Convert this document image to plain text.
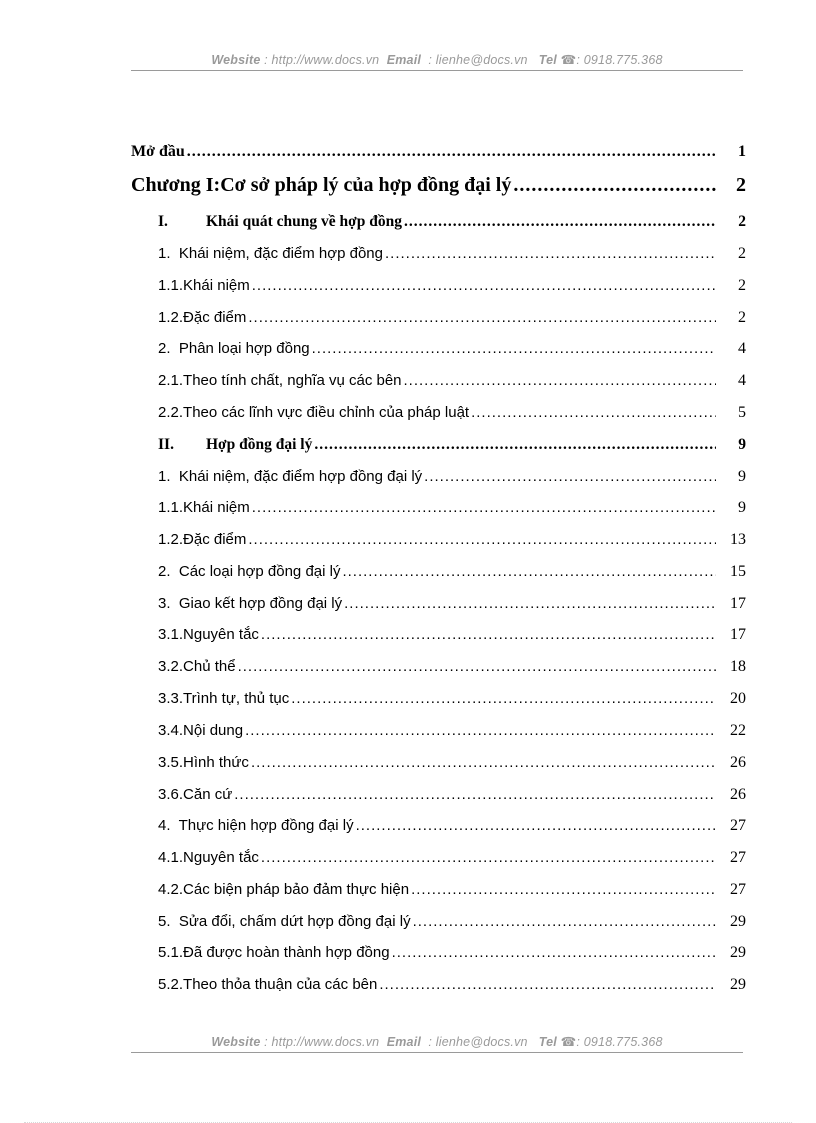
Website : http://www.docs.vn Email : lienhe@docs.vn Tel ☎: 0918.775.368
Mở đầu .....	1
Chương I:Cơ sở pháp lý của hợp đồng đại lý .....	2
I. Khái quát chung về hợp đồng .....	2
1. Khái niệm, đặc điểm hợp đồng .....	2
1.1.Khái niệm .....	2
1.2.Đặc điểm .....	2
2. Phân loại hợp đồng .....	4
2.1.Theo tính chất, nghĩa vụ các bên .....	4
2.2.Theo các lĩnh vực điều chỉnh của pháp luật .....	5
II. Hợp đồng đại lý .....	9
1. Khái niệm, đặc điểm hợp đồng đại lý .....	9
1.1.Khái niệm .....	9
1.2.Đặc điểm .....	13
2. Các loại hợp đồng đại lý .....	15
3. Giao kết hợp đồng đại lý .....	17
3.1.Nguyên tắc .....	17
3.2.Chủ thể .....	18
3.3.Trình tự, thủ tục .....	20
3.4.Nội dung .....	22
3.5.Hình thức .....	26
3.6.Căn cứ .....	26
4. Thực hiện hợp đồng đại lý .....	27
4.1.Nguyên tắc .....	27
4.2.Các biện pháp bảo đảm thực hiện .....	27
5. Sửa đổi, chấm dứt hợp đồng đại lý .....	29
5.1.Đã được hoàn thành hợp đồng .....	29
5.2.Theo thỏa thuận của các bên .....	29
Website : http://www.docs.vn Email : lienhe@docs.vn Tel ☎: 0918.775.368
